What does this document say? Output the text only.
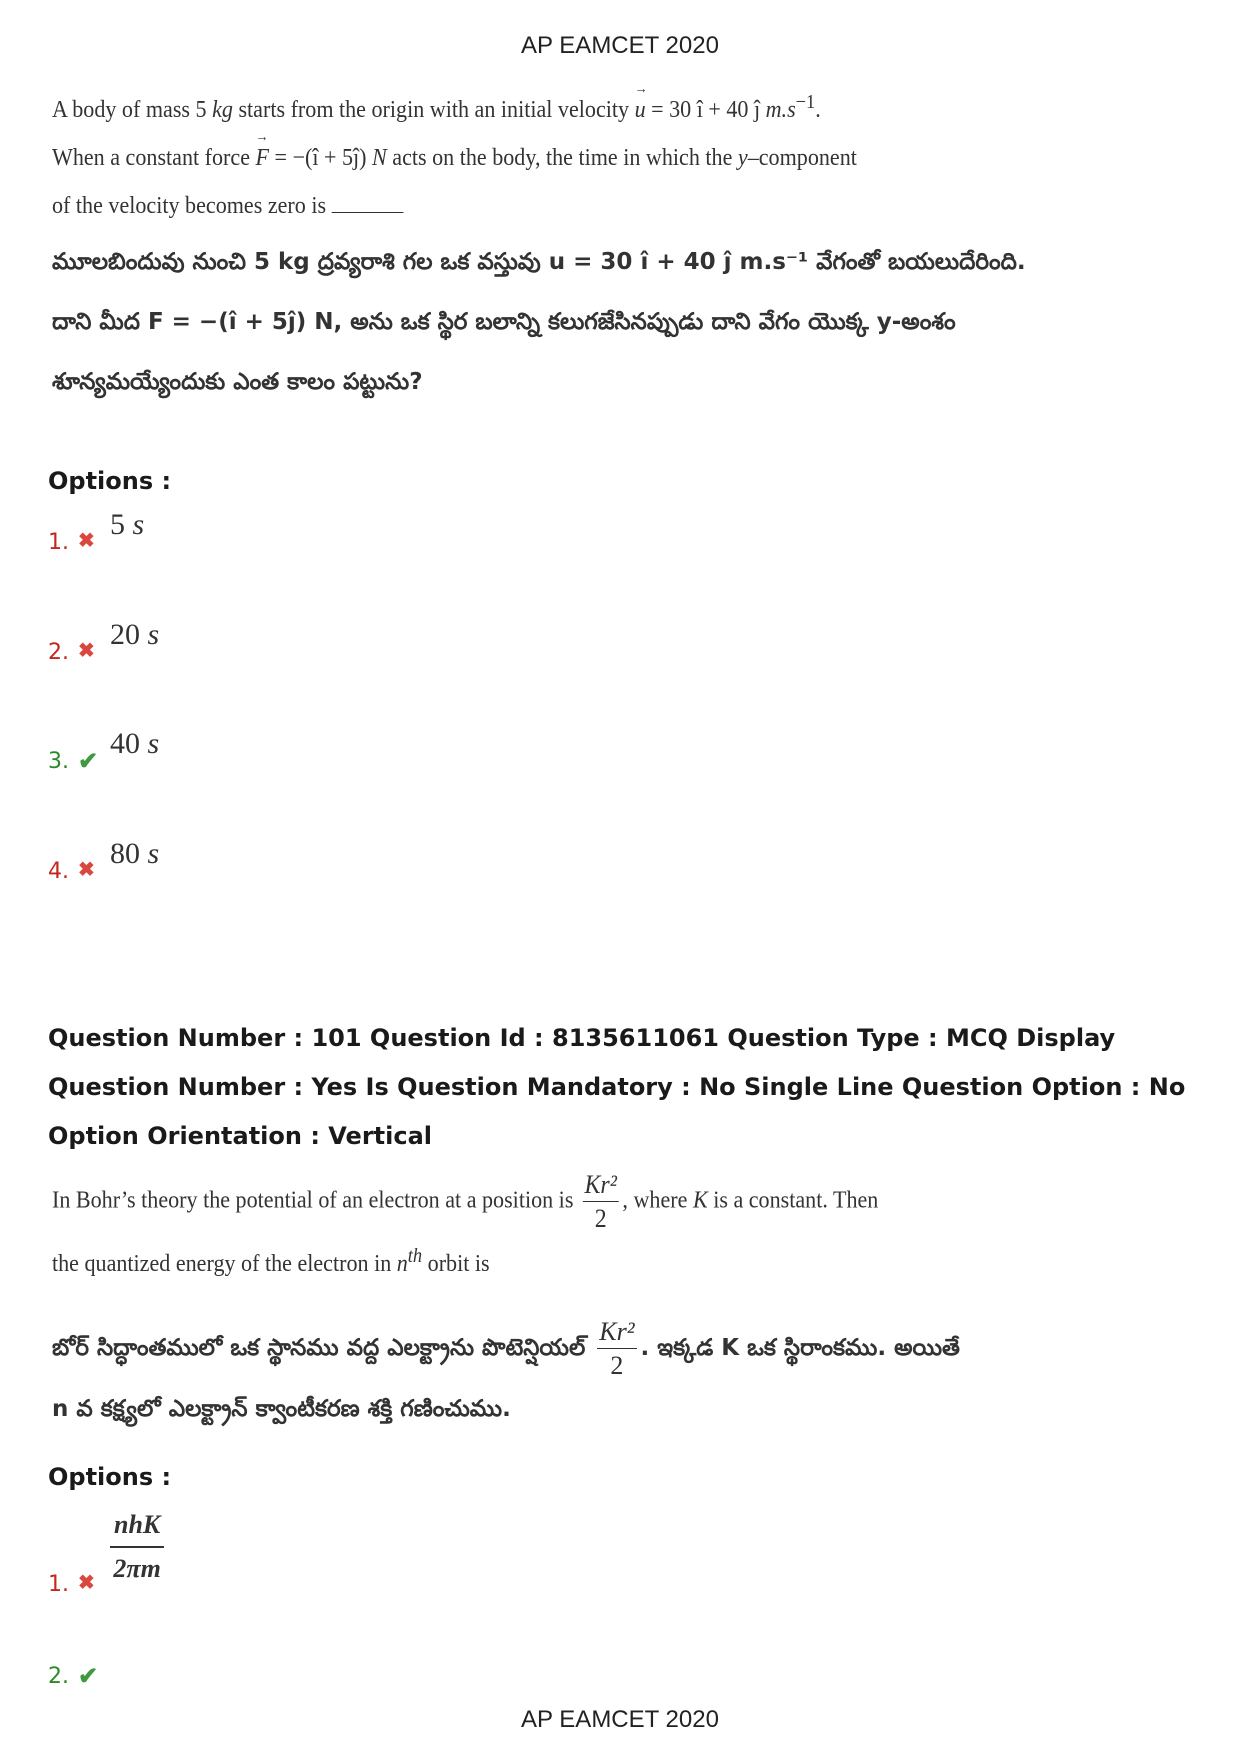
AP EAMCET 2020

A body of mass 5 kg starts from the origin with an initial velocity → u = 30 î + 40 ĵ $m.s^{-1}$.

When a constant force → F = −(î + 5ĵ) N acts on the body, the time in which the y–component

of the velocity becomes zero is

మూలబిందువు నుంచి 5 kg ద్రవ్యరాశి గల ఒక వస్తువు u = 30 î + 40 ĵ m.s⁻¹ వేగంతో బయలుదేరింది.

దాని మీద F = −(î + 5ĵ) N, అను ఒక స్థిర బలాన్ని కలుగజేసినప్పుడు దాని వేగం యొక్క y-అంశం

శూన్యమయ్యేందుకు ఎంత కాలం పట్టును?

Options :
1. ✖ 5 s
2. ✖ 20 s
3. ✔
40 s
4. ✖ 80 s
Question Number : 101 Question Id : 8135611061 Question Type : MCQ Display Question Number : Yes Is Question Mandatory : No Single Line Question Option : No Option Orientation : Vertical

In Bohr’s theory the potential of an electron at a position is $\frac{\text{Kr²}}{2}$ , where K is a constant. Then

the quantized energy of the electron in $n^{th}$ orbit is

బోర్ సిద్ధాంతములో ఒక స్థానము వద్ద ఎలక్ట్రాను పొటెన్షియల్ $\frac{\text{Kr²}}{2}$ . ఇక్కడ K ఒక స్థిరాంకము. అయితే

n వ కక్ష్యలో ఎలక్ట్రాన్ క్వాంటీకరణ శక్తి గణించుము.

Options :
1. ✖
nhK
2πm
2. ✔
AP EAMCET 2020
